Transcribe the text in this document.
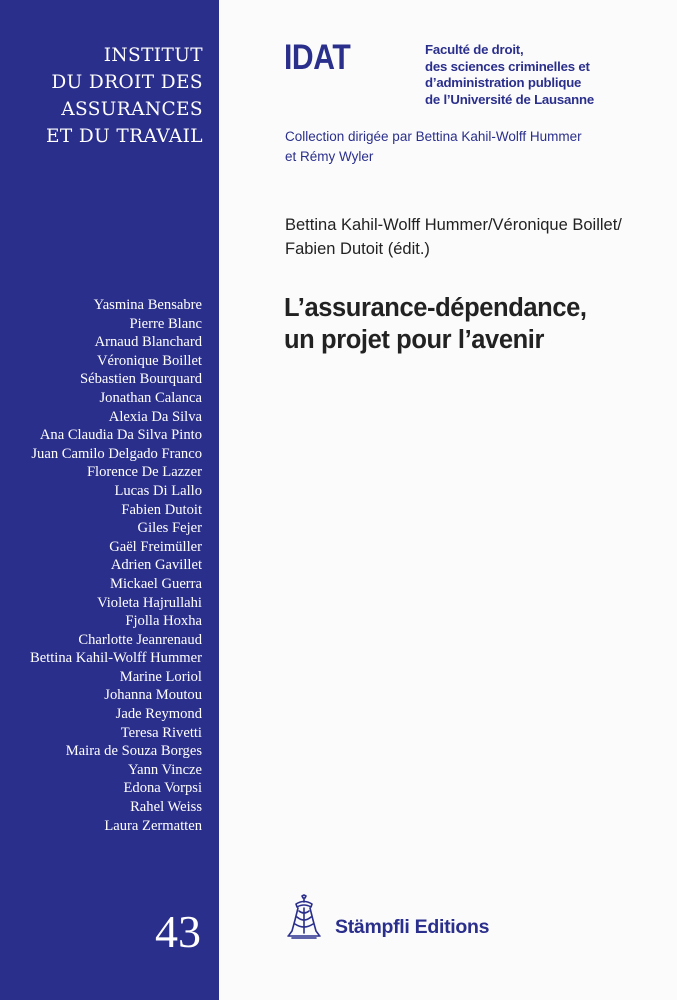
INSTITUT
DU DROIT DES
ASSURANCES
ET DU TRAVAIL
Yasmina Bensabre
Pierre Blanc
Arnaud Blanchard
Véronique Boillet
Sébastien Bourquard
Jonathan Calanca
Alexia Da Silva
Ana Claudia Da Silva Pinto
Juan Camilo Delgado Franco
Florence De Lazzer
Lucas Di Lallo
Fabien Dutoit
Giles Fejer
Gaël Freimüller
Adrien Gavillet
Mickael Guerra
Violeta Hajrullahi
Fjolla Hoxha
Charlotte Jeanrenaud
Bettina Kahil-Wolff Hummer
Marine Loriol
Johanna Moutou
Jade Reymond
Teresa Rivetti
Maira de Souza Borges
Yann Vincze
Edona Vorpsi
Rahel Weiss
Laura Zermatten
43
IDAT	Faculté de droit,
des sciences criminelles et
d’administration publique
de l’Université de Lausanne
Collection dirigée par Bettina Kahil-Wolff Hummer
et Rémy Wyler
Bettina Kahil-Wolff Hummer/Véronique Boillet/
Fabien Dutoit (édit.)
L’assurance-dépendance,
un projet pour l’avenir
Stämpfli Editions
